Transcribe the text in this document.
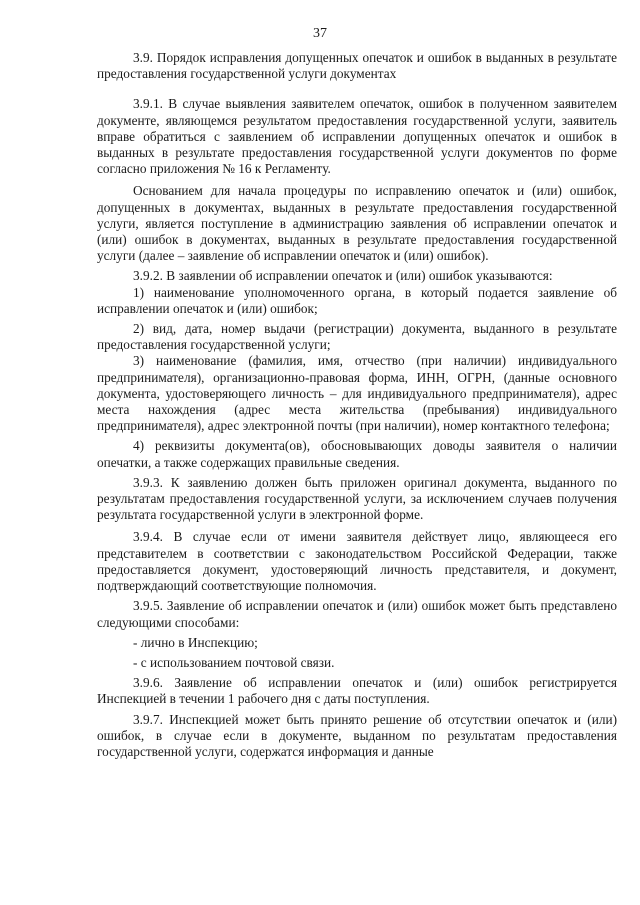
37

3.9. Порядок исправления допущенных опечаток и ошибок в выданных в результате предоставления государственной услуги документах

3.9.1. В случае выявления заявителем опечаток, ошибок в полученном заявителем документе, являющемся результатом предоставления государственной услуги, заявитель вправе обратиться с заявлением об исправлении допущенных опечаток и ошибок в выданных в результате предоставления государственной услуги документов по форме согласно приложения № 16 к Регламенту.

Основанием для начала процедуры по исправлению опечаток и (или) ошибок, допущенных в документах, выданных в результате предоставления государственной услуги, является поступление в администрацию заявления об исправлении опечаток и (или) ошибок в документах, выданных в результате предоставления государственной услуги (далее – заявление об исправлении опечаток и (или) ошибок).

3.9.2. В заявлении об исправлении опечаток и (или) ошибок указываются:

1) наименование уполномоченного органа, в который подается заявление об исправлении опечаток и (или) ошибок;

2) вид, дата, номер выдачи (регистрации) документа, выданного в результате предоставления государственной услуги;

3) наименование (фамилия, имя, отчество (при наличии) индивидуального предпринимателя), организационно-правовая форма, ИНН, ОГРН, (данные основного документа, удостоверяющего личность – для индивидуального предпринимателя), адрес места нахождения (адрес места жительства (пребывания) индивидуального предпринимателя), адрес электронной почты (при наличии), номер контактного телефона;

4) реквизиты документа(ов), обосновывающих доводы заявителя о наличии опечатки, а также содержащих правильные сведения.

3.9.3. К заявлению должен быть приложен оригинал документа, выданного по результатам предоставления государственной услуги, за исключением случаев получения результата государственной услуги в электронной форме.

3.9.4. В случае если от имени заявителя действует лицо, являющееся его представителем в соответствии с законодательством Российской Федерации, также предоставляется документ, удостоверяющий личность представителя, и документ, подтверждающий соответствующие полномочия.

3.9.5. Заявление об исправлении опечаток и (или) ошибок может быть представлено следующими способами:

- лично в Инспекцию;

- с использованием почтовой связи.

3.9.6. Заявление об исправлении опечаток и (или) ошибок регистрируется Инспекцией в течении 1 рабочего дня с даты поступления.

3.9.7. Инспекцией может быть принято решение об отсутствии опечаток и (или) ошибок, в случае если в документе, выданном по результатам предоставления государственной услуги, содержатся информация и данные
